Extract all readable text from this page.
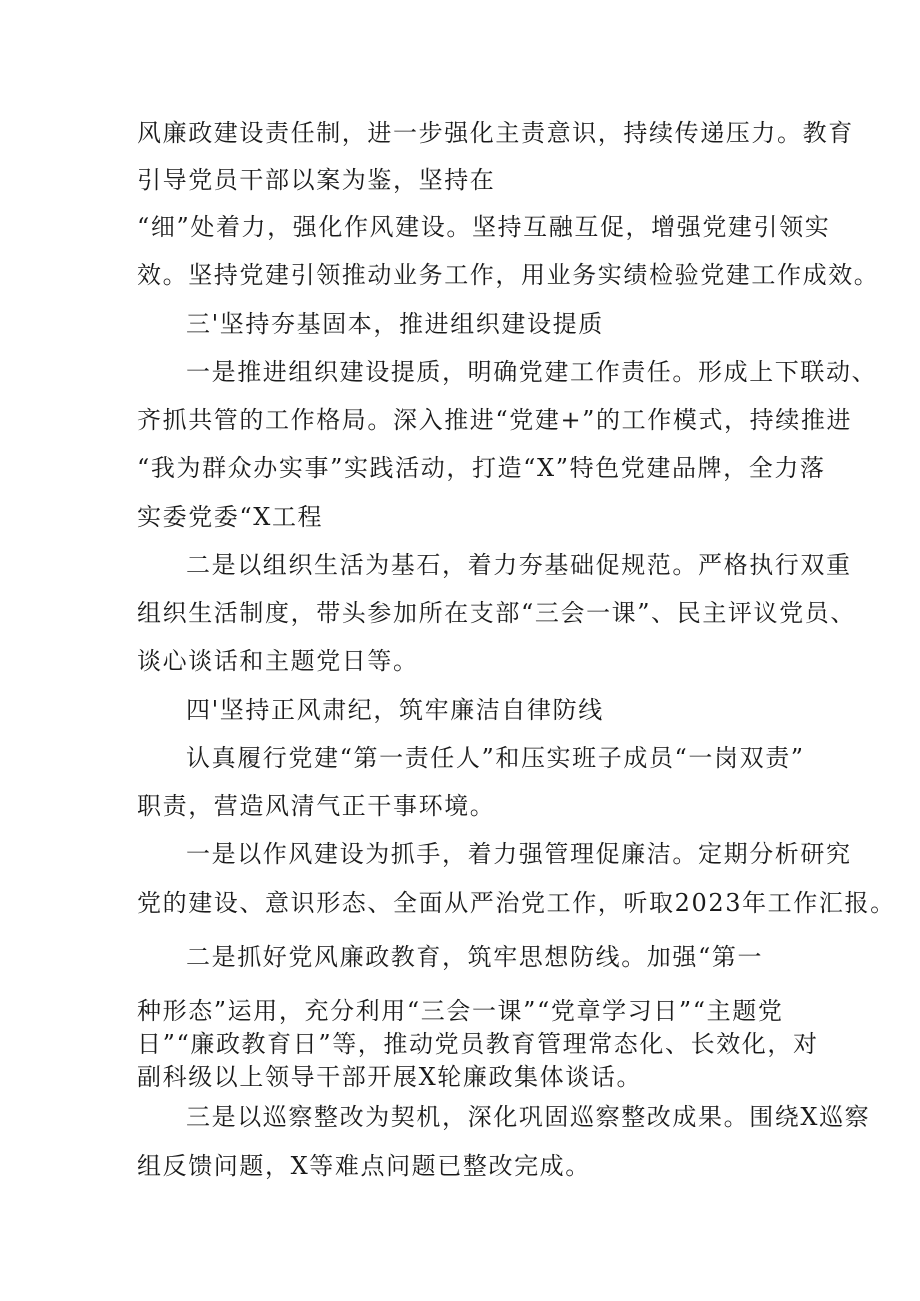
风廉政建设责任制，进一步强化主责意识，持续传递压力。教育
引导党员干部以案为鉴，坚持在
“细”处着力，强化作风建设。坚持互融互促，增强党建引领实
效。坚持党建引领推动业务工作，用业务实绩检验党建工作成效。
三'坚持夯基固本，推进组织建设提质
一是推进组织建设提质，明确党建工作责任。形成上下联动、
齐抓共管的工作格局。深入推进“党建+”的工作模式，持续推进
“我为群众办实事”实践活动，打造“X”特色党建品牌，全力落
实委党委“X工程
二是以组织生活为基石，着力夯基础促规范。严格执行双重
组织生活制度，带头参加所在支部“三会一课”、民主评议党员、
谈心谈话和主题党日等。
四'坚持正风肃纪，筑牢廉洁自律防线
认真履行党建“第一责任人”和压实班子成员“一岗双责”
职责，营造风清气正干事环境。
一是以作风建设为抓手，着力强管理促廉洁。定期分析研究
党的建设、意识形态、全面从严治党工作，听取2023年工作汇报。
二是抓好党风廉政教育，筑牢思想防线。加强“第一
种形态”运用，充分利用“三会一课”“党章学习日”“主题党
日”“廉政教育日”等，推动党员教育管理常态化、长效化，对
副科级以上领导干部开展X轮廉政集体谈话。
三是以巡察整改为契机，深化巩固巡察整改成果。围绕X巡察
组反馈问题，X等难点问题已整改完成。
